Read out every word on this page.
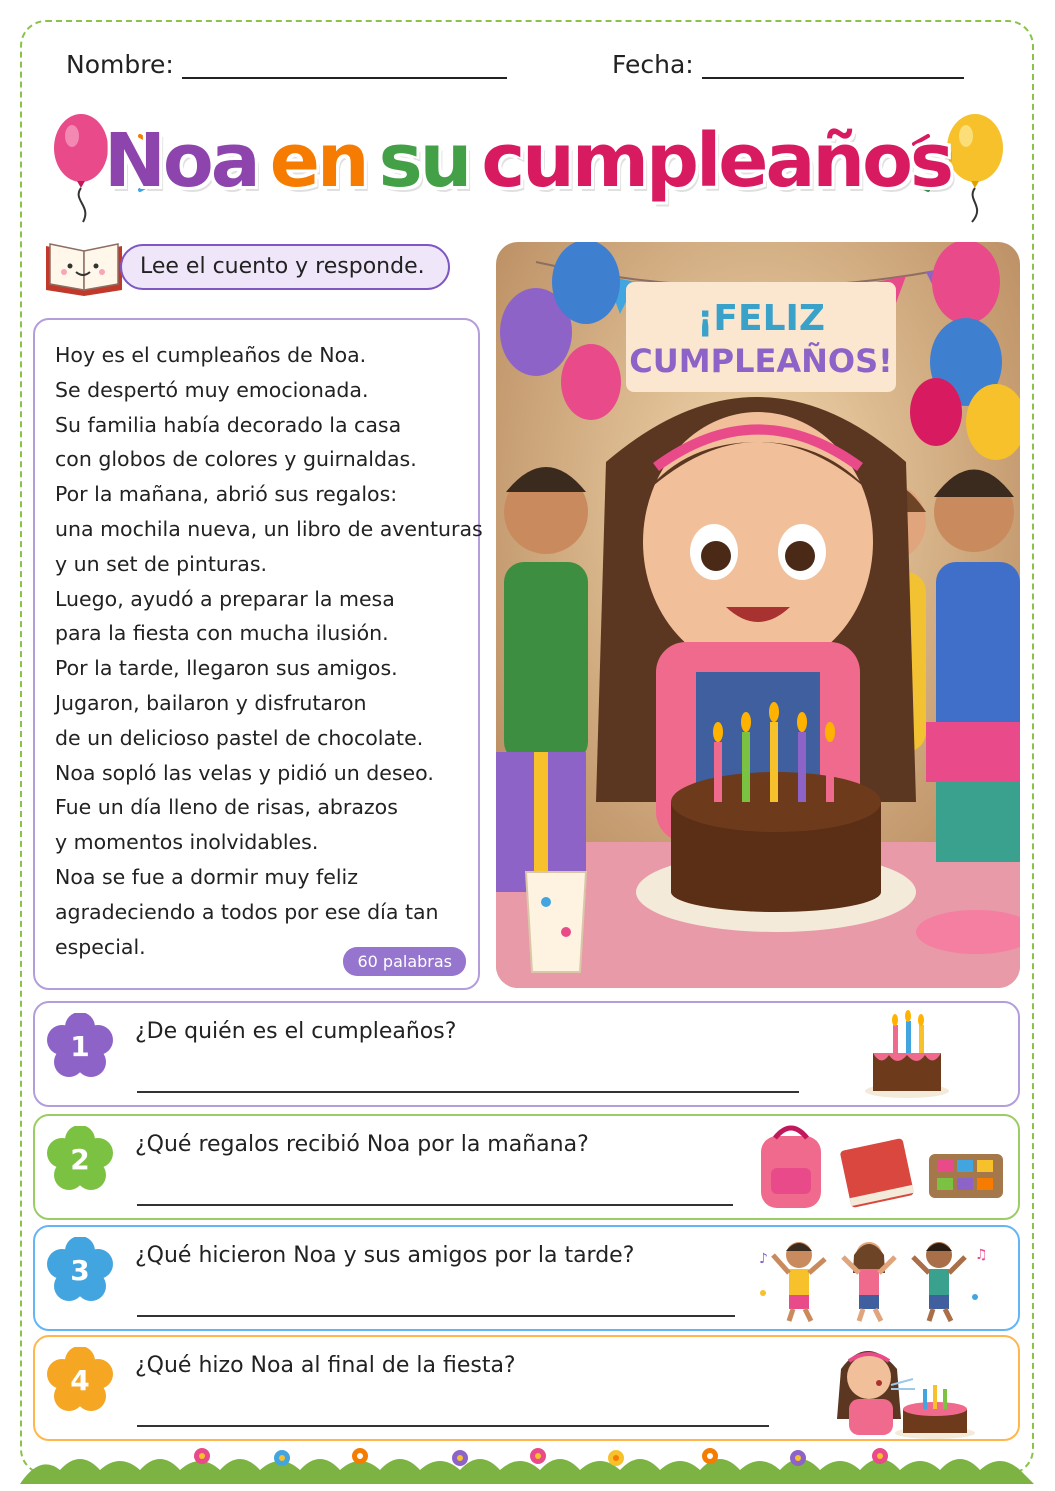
Nombre:	Fecha:
Noa en su cumpleaños
Lee el cuento y responde.
Hoy es el cumpleaños de Noa.
Se despertó muy emocionada.
Su familia había decorado la casa
con globos de colores y guirnaldas.
Por la mañana, abrió sus regalos:
una mochila nueva, un libro de aventuras
y un set de pinturas.
Luego, ayudó a preparar la mesa
para la fiesta con mucha ilusión.
Por la tarde, llegaron sus amigos.
Jugaron, bailaron y disfrutaron
de un delicioso pastel de chocolate.
Noa sopló las velas y pidió un deseo.
Fue un día lleno de risas, abrazos
y momentos inolvidables.
Noa se fue a dormir muy feliz
agradeciendo a todos por ese día tan
especial.
60 palabras
¡FELIZ
CUMPLEAÑOS!
1 ¿De quién es el cumpleaños?
2 ¿Qué regalos recibió Noa por la mañana?
3 ¿Qué hicieron Noa y sus amigos por la tarde?	♪	♫
4 ¿Qué hizo Noa al final de la fiesta?
